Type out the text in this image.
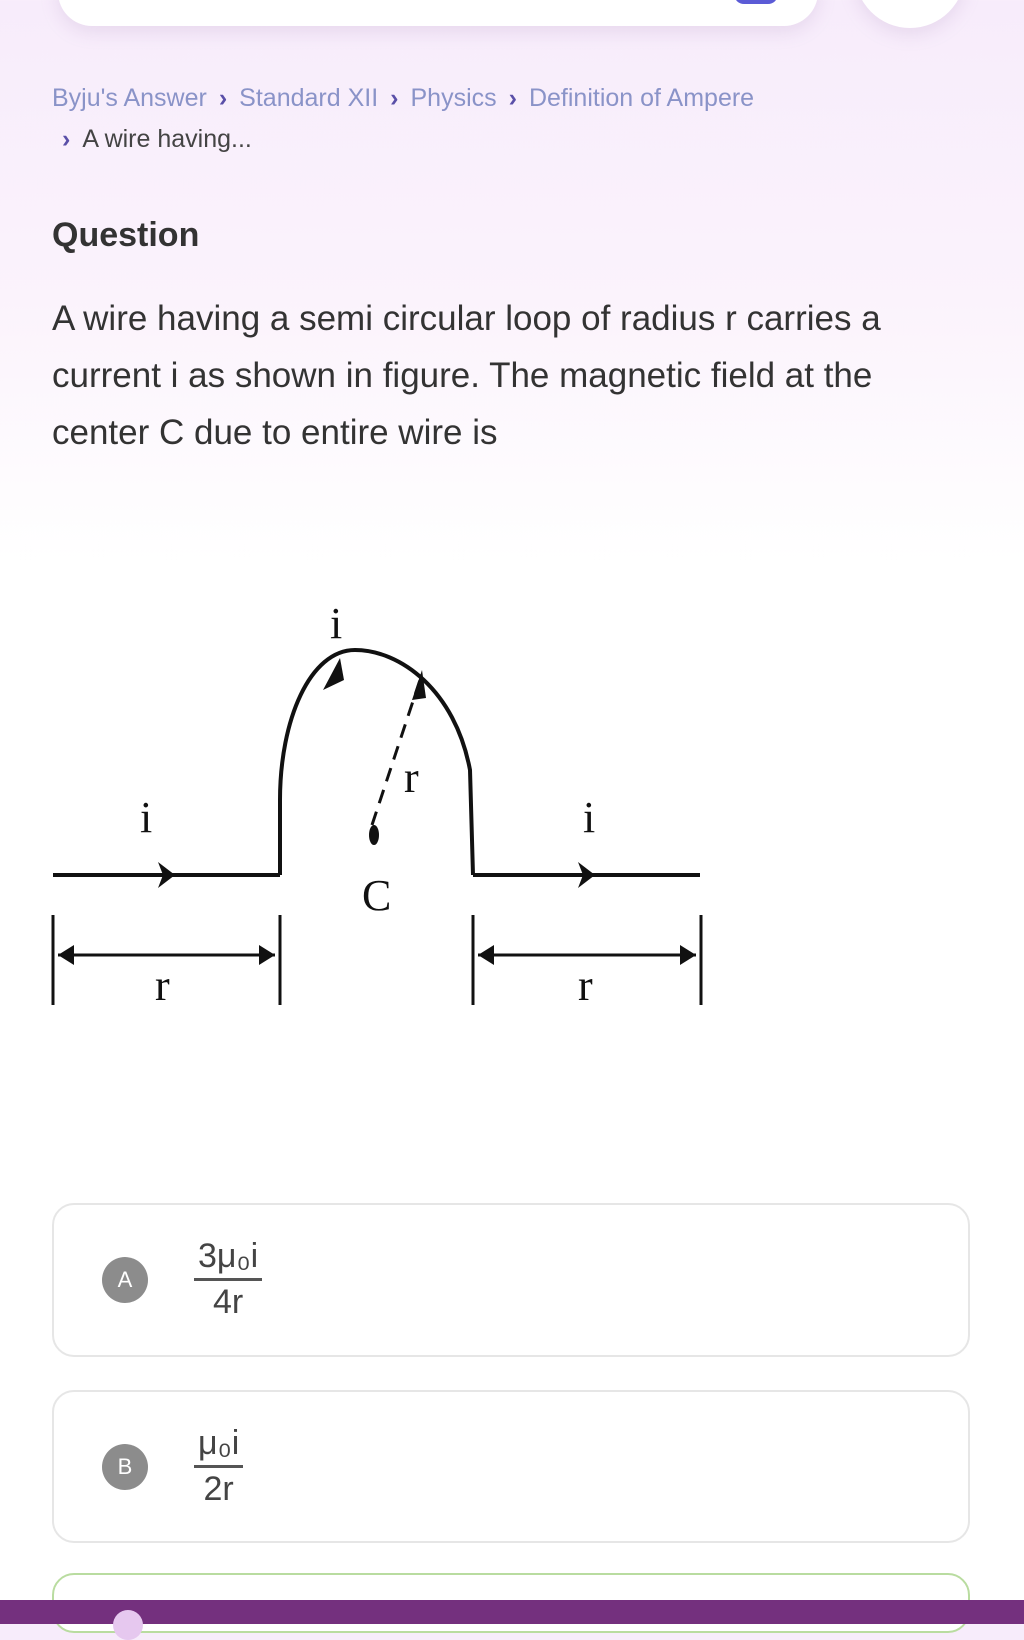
Byju's Answer › Standard XII › Physics › Definition of Ampere
› A wire having...
Question
A wire having a semi circular loop of radius r carries a current i as shown in figure. The magnetic field at the center C due to entire wire is
i
i	i
r
C
r	r
A	$\frac{\text{3μ₀i}}{4r}$
B	$\frac{\text{μ₀i}}{2r}$
